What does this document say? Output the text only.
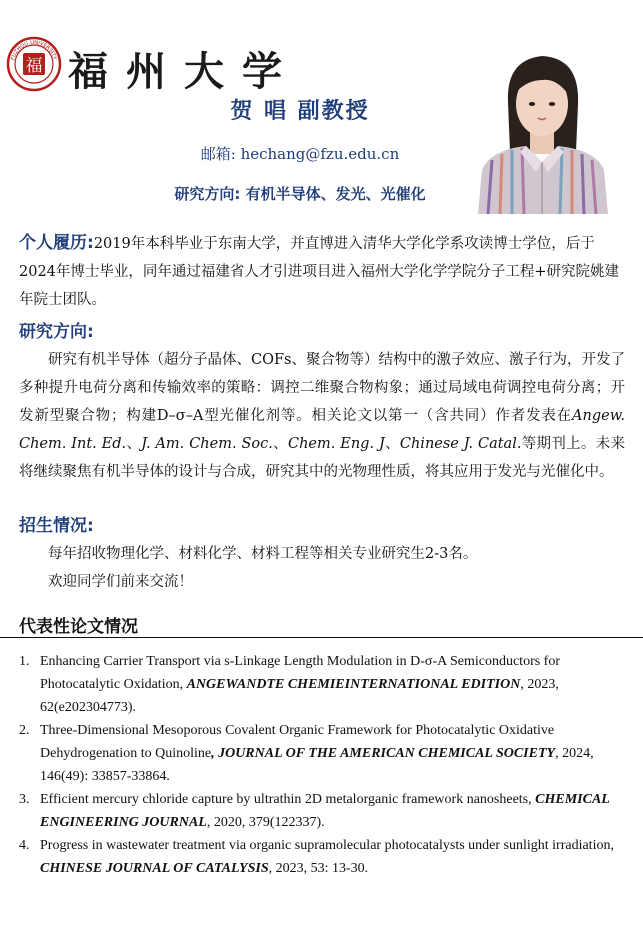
FUZHOU UNIVERSITY
福 福州大学
贺 唱 副教授
邮箱: hechang@fzu.edu.cn
研究方向: 有机半导体、发光、光催化
个人履历:2019年本科毕业于东南大学，并直博进入清华大学化学系攻读博士学位，后于2024年博士毕业，同年通过福建省人才引进项目进入福州大学化学学院分子工程+研究院姚建年院士团队。
研究方向:
研究有机半导体（超分子晶体、COFs、聚合物等）结构中的激子效应、激子行为，开发了多种提升电荷分离和传输效率的策略：调控二维聚合物构象；通过局域电荷调控电荷分离；开发新型聚合物；构建D–σ–A型光催化剂等。相关论文以第一（含共同）作者发表在Angew. Chem. Int. Ed.、J. Am. Chem. Soc.、Chem. Eng. J、Chinese J. Catal.等期刊上。未来将继续聚焦有机半导体的设计与合成，研究其中的光物理性质，将其应用于发光与光催化中。
招生情况:
每年招收物理化学、材料化学、材料工程等相关专业研究生2-3名。
欢迎同学们前来交流！
代表性论文情况
1. Enhancing Carrier Transport via s-Linkage Length Modulation in D-σ-A Semiconductors for Photocatalytic Oxidation, ANGEWANDTE CHEMIEINTERNATIONAL EDITION, 2023, 62(e202304773).
2. Three-Dimensional Mesoporous Covalent Organic Framework for Photocatalytic Oxidative Dehydrogenation to Quinoline, JOURNAL OF THE AMERICAN CHEMICAL SOCIETY, 2024, 146(49): 33857-33864.
3. Efficient mercury chloride capture by ultrathin 2D metalorganic framework nanosheets, CHEMICAL ENGINEERING JOURNAL, 2020, 379(122337).
4. Progress in wastewater treatment via organic supramolecular photocatalysts under sunlight irradiation, CHINESE JOURNAL OF CATALYSIS, 2023, 53: 13-30.
